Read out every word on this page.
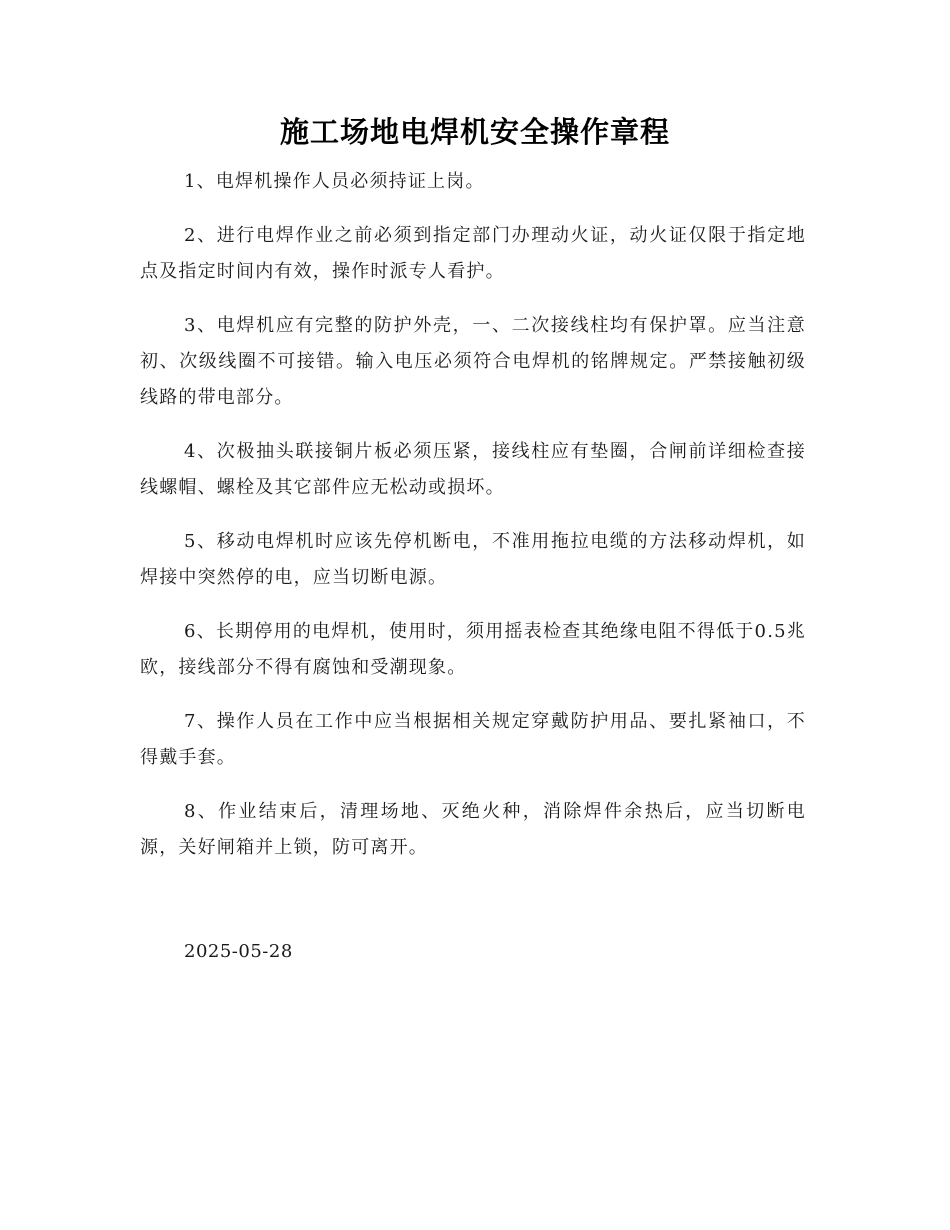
施工场地电焊机安全操作章程

1、电焊机操作人员必须持证上岗。

2、进行电焊作业之前必须到指定部门办理动火证，动火证仅限于指定地点及指定时间内有效，操作时派专人看护。

3、电焊机应有完整的防护外壳，一、二次接线柱均有保护罩。应当注意初、次级线圈不可接错。输入电压必须符合电焊机的铭牌规定。严禁接触初级线路的带电部分。

4、次极抽头联接铜片板必须压紧，接线柱应有垫圈，合闸前详细检查接线螺帽、螺栓及其它部件应无松动或损坏。

5、移动电焊机时应该先停机断电，不准用拖拉电缆的方法移动焊机，如焊接中突然停的电，应当切断电源。

6、长期停用的电焊机，使用时，须用摇表检查其绝缘电阻不得低于0.5兆欧，接线部分不得有腐蚀和受潮现象。

7、操作人员在工作中应当根据相关规定穿戴防护用品、要扎紧袖口，不得戴手套。

8、作业结束后，清理场地、灭绝火种，消除焊件余热后，应当切断电源，关好闸箱并上锁，防可离开。

2025-05-28
